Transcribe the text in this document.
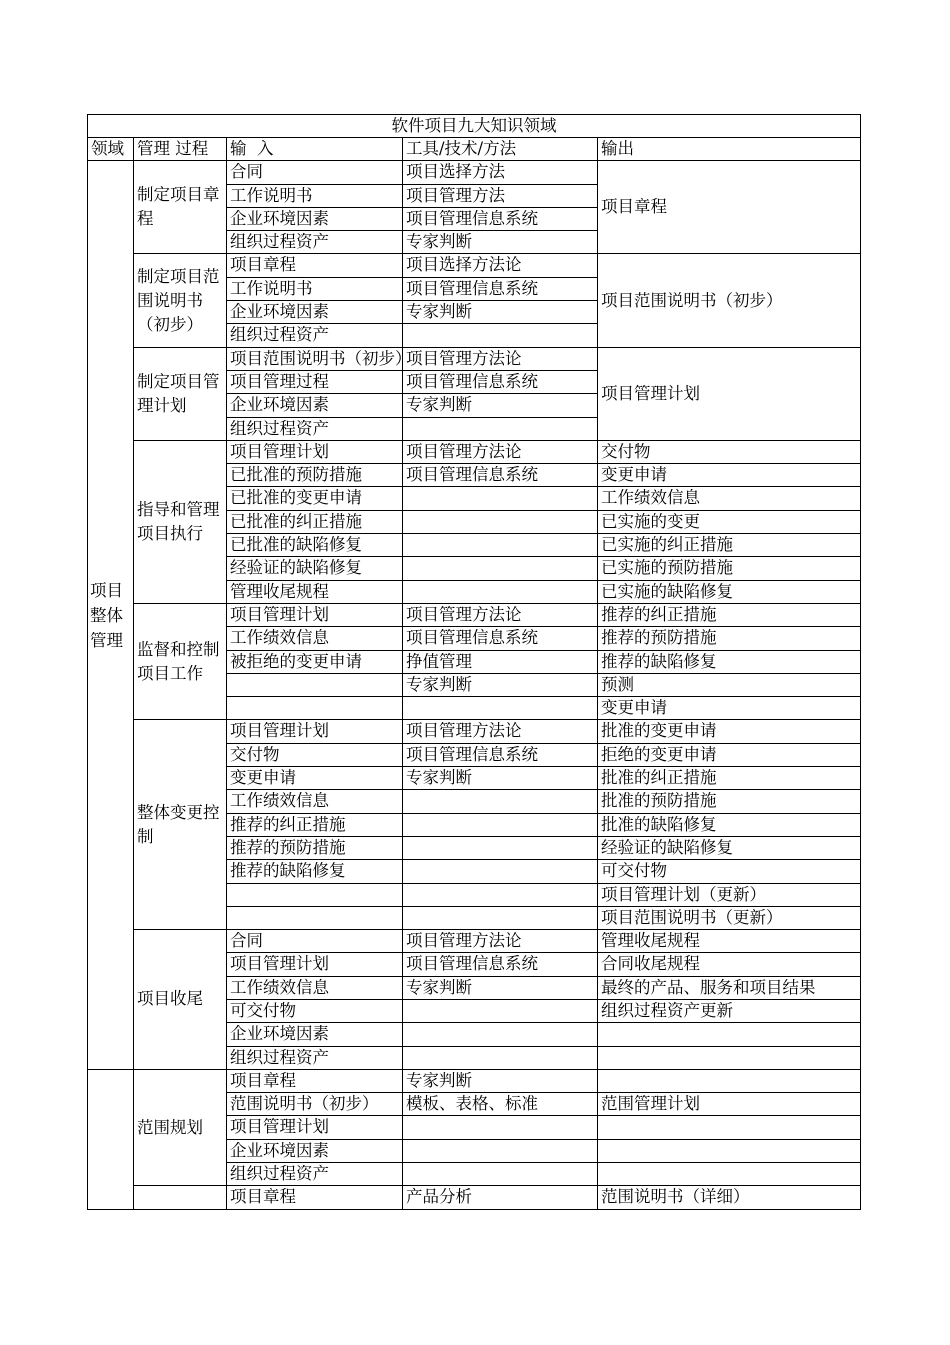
软件项目九大知识领域				
领域	管理 过程	输  入	工具/技术/方法	输出
项目整体管理	制定项目章程	合同	项目选择方法	项目章程
		工作说明书	项目管理方法	
		企业环境因素	项目管理信息系统	
		组织过程资产	专家判断	
	制定项目范围说明书（初步）	项目章程	项目选择方法论	项目范围说明书（初步）
		工作说明书	项目管理信息系统	
		企业环境因素	专家判断	
		组织过程资产		
	制定项目管理计划	项目范围说明书（初步）	项目管理方法论	项目管理计划
		项目管理过程	项目管理信息系统	
		企业环境因素	专家判断	
		组织过程资产		
	指导和管理项目执行	项目管理计划	项目管理方法论	交付物
		已批准的预防措施	项目管理信息系统	变更申请
		已批准的变更申请		工作绩效信息
		已批准的纠正措施		已实施的变更
		已批准的缺陷修复		已实施的纠正措施
		经验证的缺陷修复		已实施的预防措施
		管理收尾规程		已实施的缺陷修复
	监督和控制项目工作	项目管理计划	项目管理方法论	推荐的纠正措施
		工作绩效信息	项目管理信息系统	推荐的预防措施
		被拒绝的变更申请	挣值管理	推荐的缺陷修复
			专家判断	预测
				变更申请
	整体变更控制	项目管理计划	项目管理方法论	批准的变更申请
		交付物	项目管理信息系统	拒绝的变更申请
		变更申请	专家判断	批准的纠正措施
		工作绩效信息		批准的预防措施
		推荐的纠正措施		批准的缺陷修复
		推荐的预防措施		经验证的缺陷修复
		推荐的缺陷修复		可交付物
				项目管理计划（更新）
				项目范围说明书（更新）
	项目收尾	合同	项目管理方法论	管理收尾规程
		项目管理计划	项目管理信息系统	合同收尾规程
		工作绩效信息	专家判断	最终的产品、服务和项目结果
		可交付物		组织过程资产更新
		企业环境因素		
		组织过程资产		
	范围规划	项目章程	专家判断	
		范围说明书（初步）	模板、表格、标准	范围管理计划
		项目管理计划		
		企业环境因素		
		组织过程资产		
		项目章程	产品分析	范围说明书（详细）
